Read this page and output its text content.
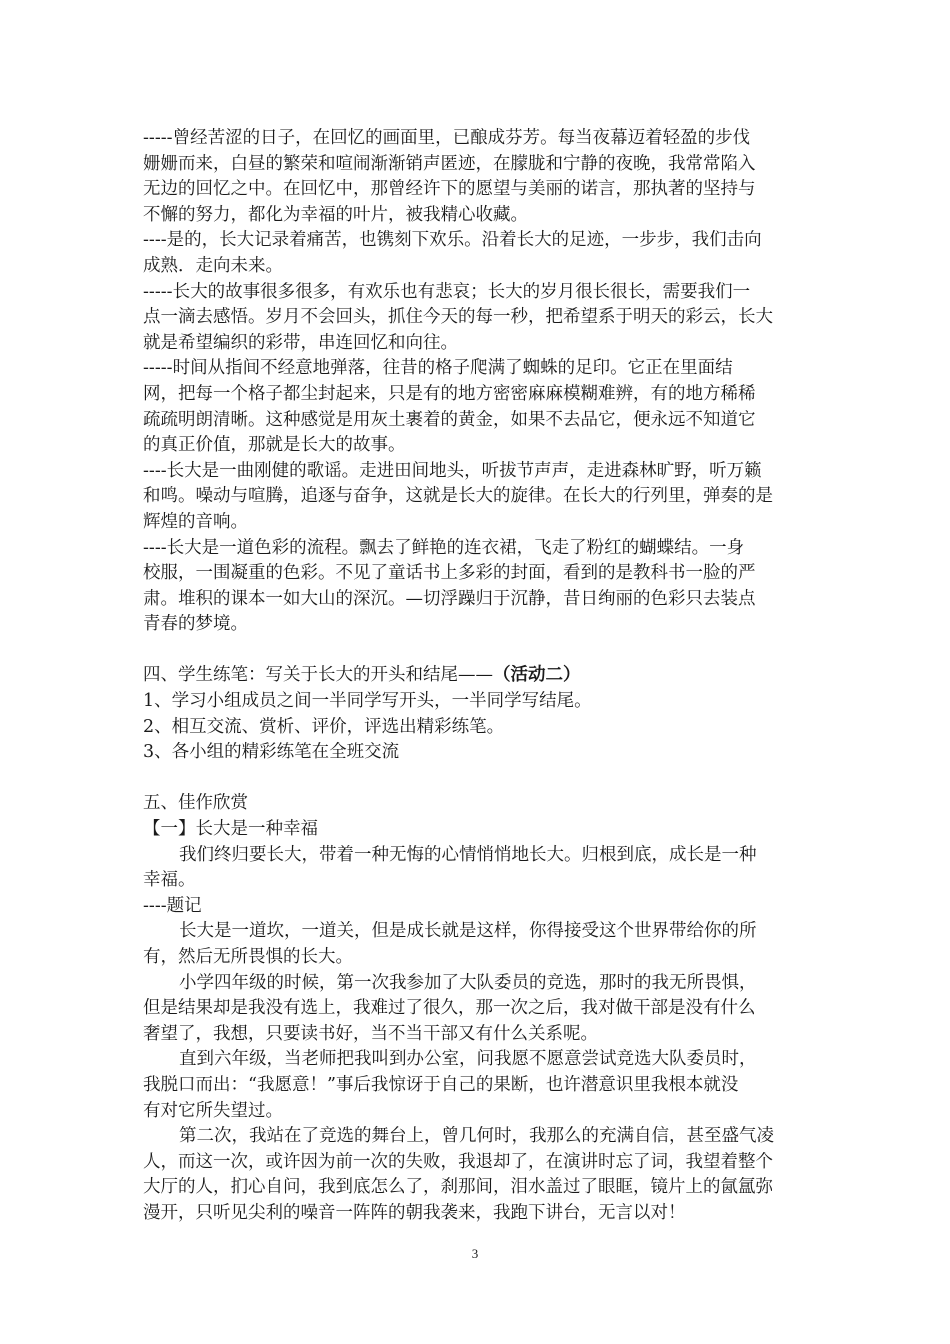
-----曾经苦涩的日子，在回忆的画面里，已酿成芬芳。每当夜幕迈着轻盈的步伐

姗姗而来，白昼的繁荣和喧闹渐渐销声匿迹，在朦胧和宁静的夜晚，我常常陷入

无边的回忆之中。在回忆中，那曾经许下的愿望与美丽的诺言，那执著的坚持与

不懈的努力，都化为幸福的叶片，被我精心收藏。

----是的，长大记录着痛苦，也镌刻下欢乐。沿着长大的足迹，一步步，我们击向

成熟．走向未来。

-----长大的故事很多很多，有欢乐也有悲哀；长大的岁月很长很长，需要我们一

点一滴去感悟。岁月不会回头，抓住今天的每一秒，把希望系于明天的彩云，长大

就是希望编织的彩带，串连回忆和向往。

-----时间从指间不经意地弹落，往昔的格子爬满了蜘蛛的足印。它正在里面结

网，把每一个格子都尘封起来，只是有的地方密密麻麻模糊难辨，有的地方稀稀

疏疏明朗清晰。这种感觉是用灰土裹着的黄金，如果不去品它，便永远不知道它

的真正价值，那就是长大的故事。

----长大是一曲刚健的歌谣。走进田间地头，听拔节声声，走进森林旷野，听万籁

和鸣。噪动与喧腾，追逐与奋争，这就是长大的旋律。在长大的行列里，弹奏的是

辉煌的音响。

----长大是一道色彩的流程。飘去了鲜艳的连衣裙，飞走了粉红的蝴蝶结。一身

校服，一围凝重的色彩。不见了童话书上多彩的封面，看到的是教科书一脸的严

肃。堆积的课本一如大山的深沉。—切浮躁归于沉静，昔日绚丽的色彩只去装点

青春的梦境。

四、学生练笔：写关于长大的开头和结尾——（活动二）

1、学习小组成员之间一半同学写开头，一半同学写结尾。

2、相互交流、赏析、评价，评选出精彩练笔。

3、各小组的精彩练笔在全班交流

五、佳作欣赏

【一】长大是一种幸福

我们终归要长大，带着一种无悔的心情悄悄地长大。归根到底，成长是一种

幸福。

----题记

长大是一道坎，一道关，但是成长就是这样，你得接受这个世界带给你的所

有，然后无所畏惧的长大。

小学四年级的时候，第一次我参加了大队委员的竞选，那时的我无所畏惧，

但是结果却是我没有选上，我难过了很久，那一次之后，我对做干部是没有什么

奢望了，我想，只要读书好，当不当干部又有什么关系呢。

直到六年级，当老师把我叫到办公室，问我愿不愿意尝试竞选大队委员时，

我脱口而出：“我愿意！”事后我惊讶于自己的果断，也许潜意识里我根本就没

有对它所失望过。

第二次，我站在了竞选的舞台上，曾几何时，我那么的充满自信，甚至盛气凌

人，而这一次，或许因为前一次的失败，我退却了，在演讲时忘了词，我望着整个

大厅的人，扪心自问，我到底怎么了，刹那间，泪水盖过了眼眶，镜片上的氤氲弥

漫开，只听见尖利的噪音一阵阵的朝我袭来，我跑下讲台，无言以对！

3
